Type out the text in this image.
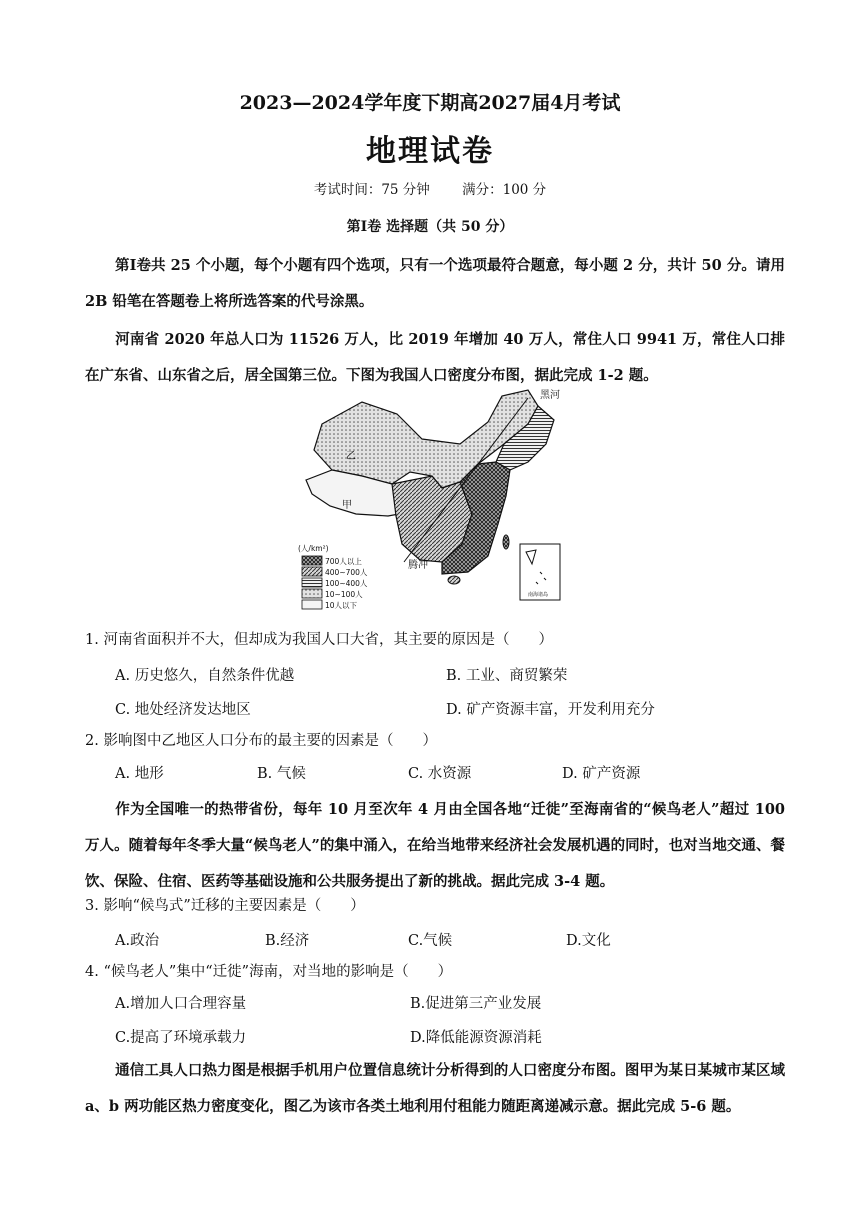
2023—2024学年度下期高2027届4月考试
地理试卷
考试时间：75 分钟 满分：100 分
第Ⅰ卷 选择题（共 50 分）
第Ⅰ卷共 25 个小题，每个小题有四个选项，只有一个选项最符合题意，每小题 2 分，共计 50 分。请用 2B 铅笔在答题卷上将所选答案的代号涂黑。
河南省 2020 年总人口为 11526 万人，比 2019 年增加 40 万人，常住人口 9941 万，常住人口排在广东省、山东省之后，居全国第三位。下图为我国人口密度分布图，据此完成 1-2 题。
(人/km²)
700人以上
400~700人
100~400人
10~100人
10人以下
南海诸岛
黑河
乙
甲
腾冲
1. 河南省面积并不大，但却成为我国人口大省，其主要的原因是（　　）
A. 历史悠久，自然条件优越	B. 工业、商贸繁荣
C. 地处经济发达地区	D. 矿产资源丰富，开发利用充分
2. 影响图中乙地区人口分布的最主要的因素是（　　）
A. 地形	B. 气候	C. 水资源	D. 矿产资源
作为全国唯一的热带省份，每年 10 月至次年 4 月由全国各地“迁徙”至海南省的“候鸟老人”超过 100 万人。随着每年冬季大量“候鸟老人”的集中涌入，在给当地带来经济社会发展机遇的同时，也对当地交通、餐饮、保险、住宿、医药等基础设施和公共服务提出了新的挑战。据此完成 3-4 题。
3. 影响“候鸟式”迁移的主要因素是（　　）
A.政治	B.经济	C.气候	D.文化
4. “候鸟老人”集中“迁徙”海南，对当地的影响是（　　）
A.增加人口合理容量	B.促进第三产业发展
C.提高了环境承载力	D.降低能源资源消耗
通信工具人口热力图是根据手机用户位置信息统计分析得到的人口密度分布图。图甲为某日某城市某区域 a、b 两功能区热力密度变化，图乙为该市各类土地利用付租能力随距离递减示意。据此完成 5-6 题。
